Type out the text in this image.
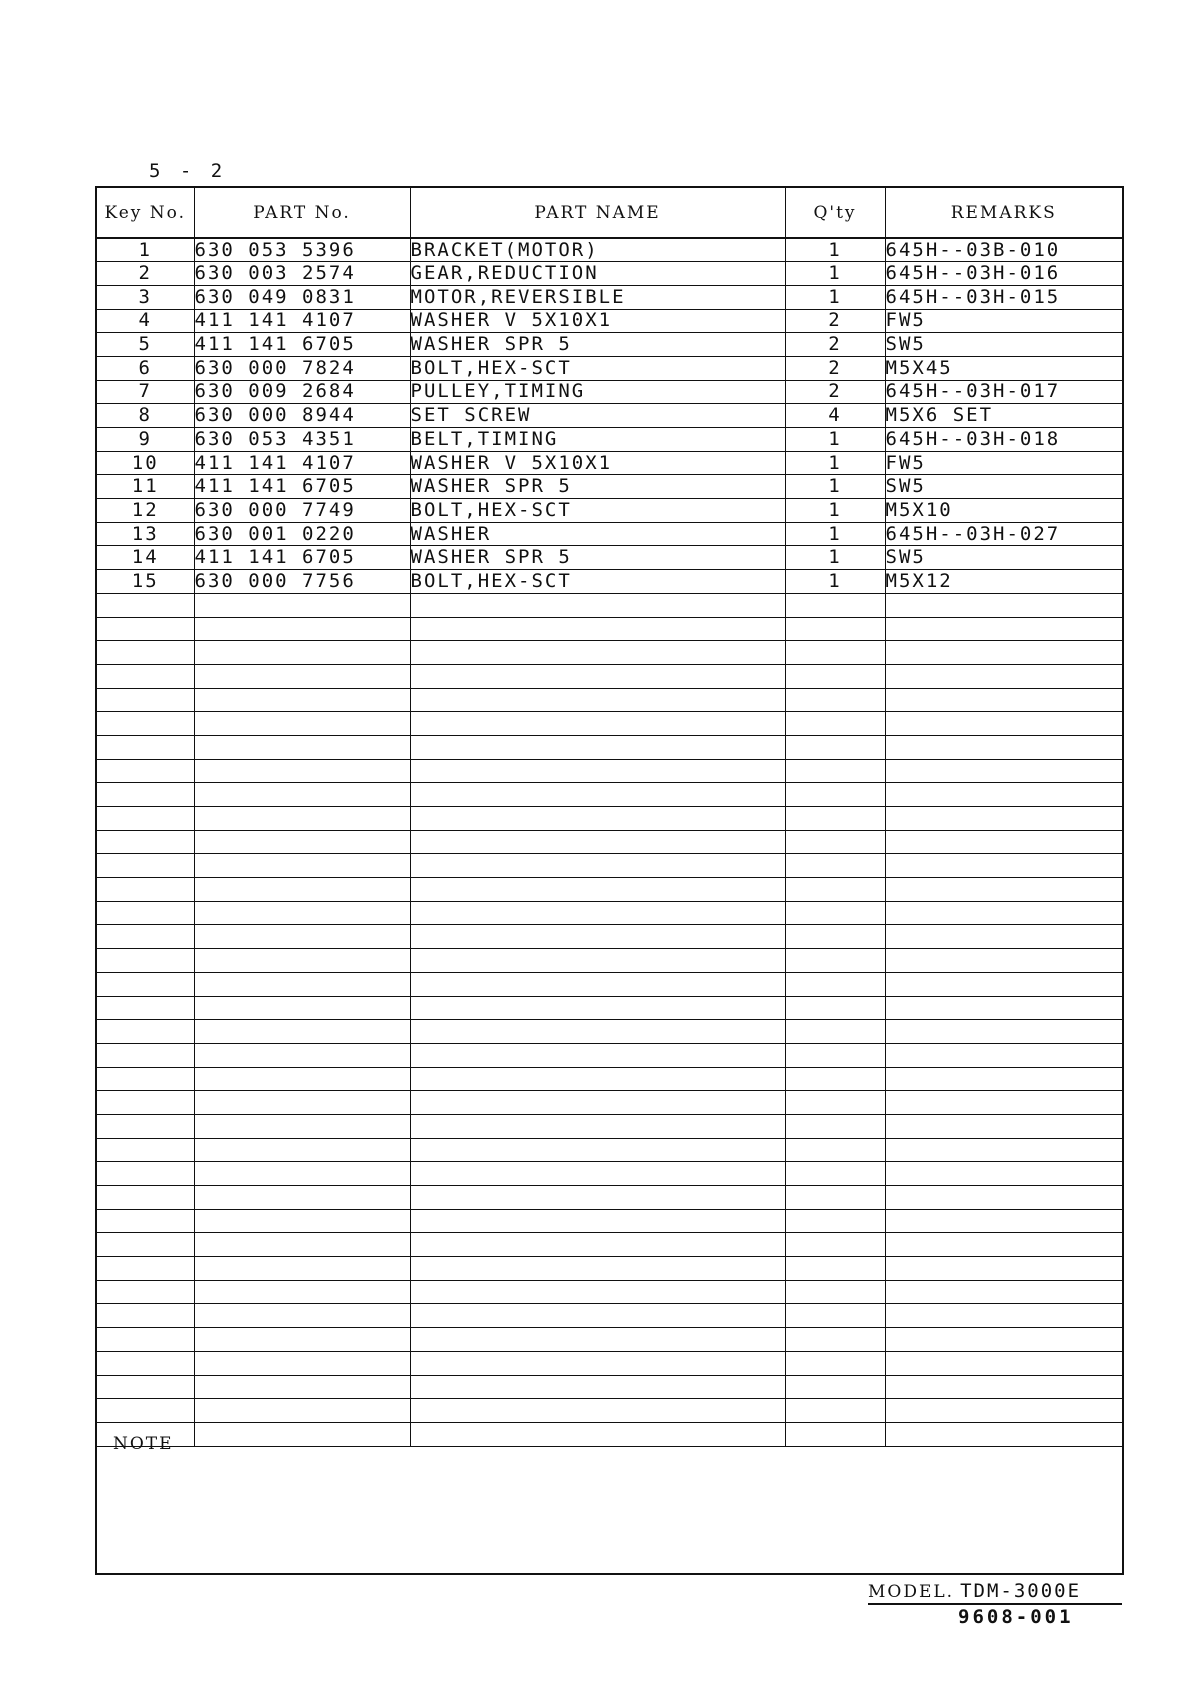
5 - 2
Key No.	PART No.	PART NAME	Q'ty	REMARKS
1	630 053 5396	BRACKET(MOTOR)	1	645H--03B-010
2	630 003 2574	GEAR,REDUCTION	1	645H--03H-016
3	630 049 0831	MOTOR,REVERSIBLE	1	645H--03H-015
4	411 141 4107	WASHER V 5X10X1	2	FW5
5	411 141 6705	WASHER SPR 5	2	SW5
6	630 000 7824	BOLT,HEX-SCT	2	M5X45
7	630 009 2684	PULLEY,TIMING	2	645H--03H-017
8	630 000 8944	SET SCREW	4	M5X6 SET
9	630 053 4351	BELT,TIMING	1	645H--03H-018
10	411 141 4107	WASHER V 5X10X1	1	FW5
11	411 141 6705	WASHER SPR 5	1	SW5
12	630 000 7749	BOLT,HEX-SCT	1	M5X10
13	630 001 0220	WASHER	1	645H--03H-027
14	411 141 6705	WASHER SPR 5	1	SW5
15	630 000 7756	BOLT,HEX-SCT	1	M5X12

NOTE
MODEL. TDM-3000E
9608-001
